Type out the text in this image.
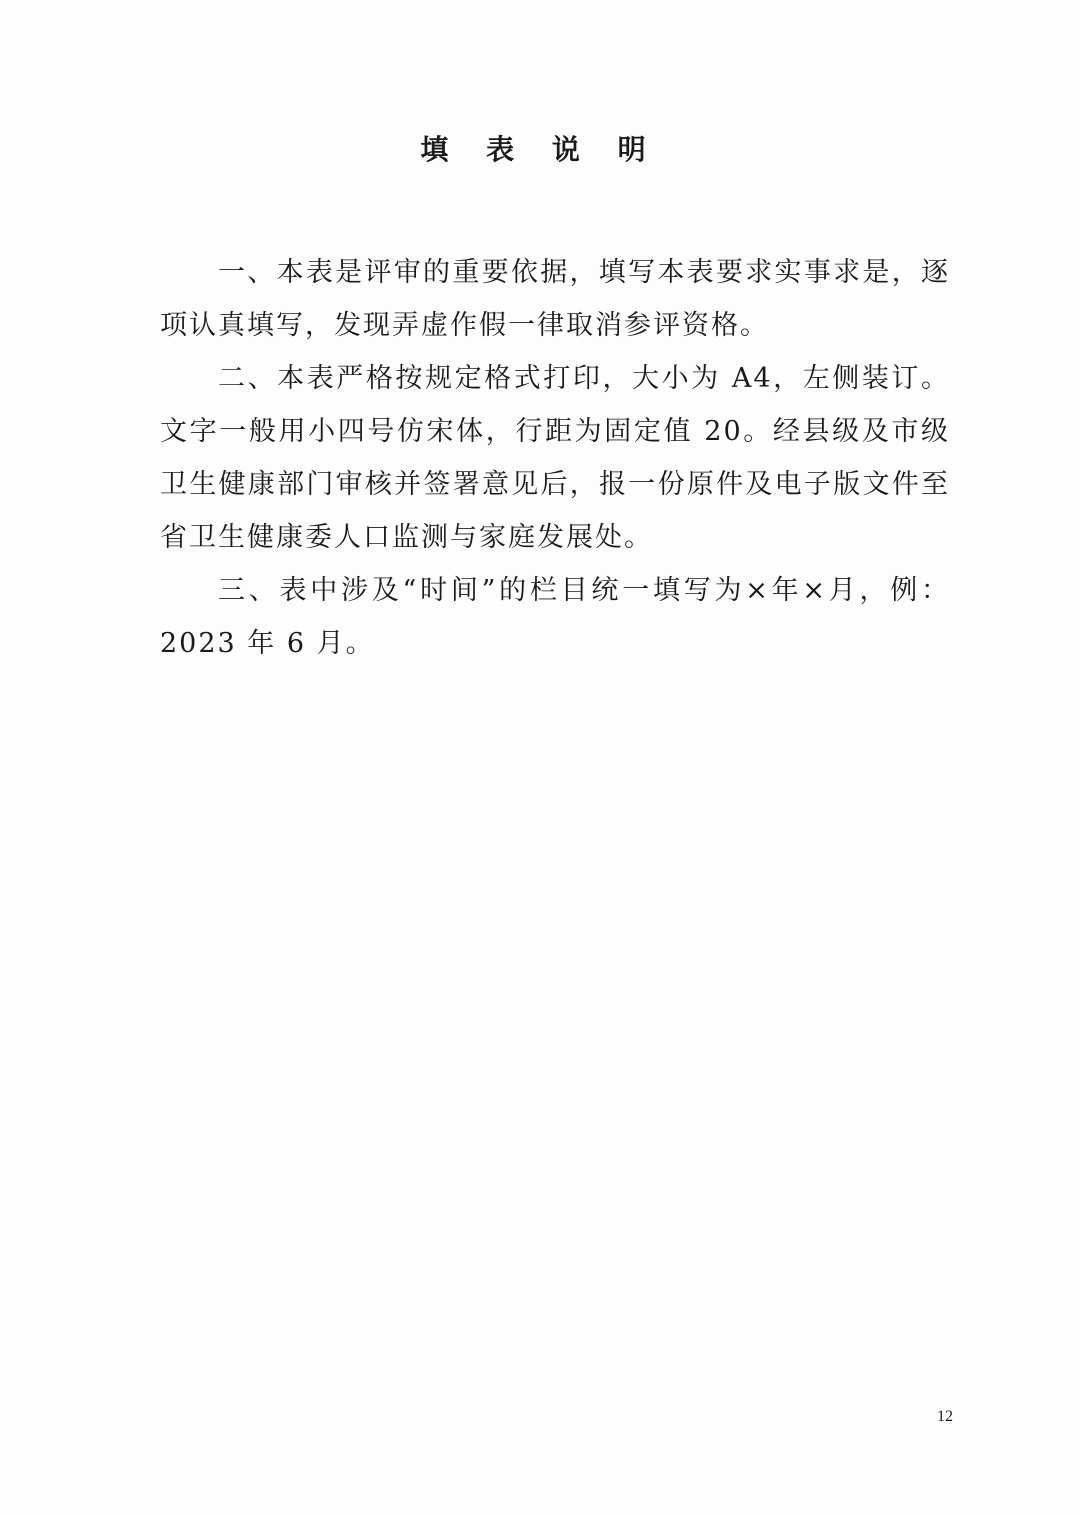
填 表 说 明

一、本表是评审的重要依据，填写本表要求实事求是，逐项认真填写，发现弄虚作假一律取消参评资格。

二、本表严格按规定格式打印，大小为 A4，左侧装订。文字一般用小四号仿宋体，行距为固定值 20。经县级及市级卫生健康部门审核并签署意见后，报一份原件及电子版文件至省卫生健康委人口监测与家庭发展处。

三、表中涉及“时间”的栏目统一填写为×年×月，例：2023 年 6 月。

12
